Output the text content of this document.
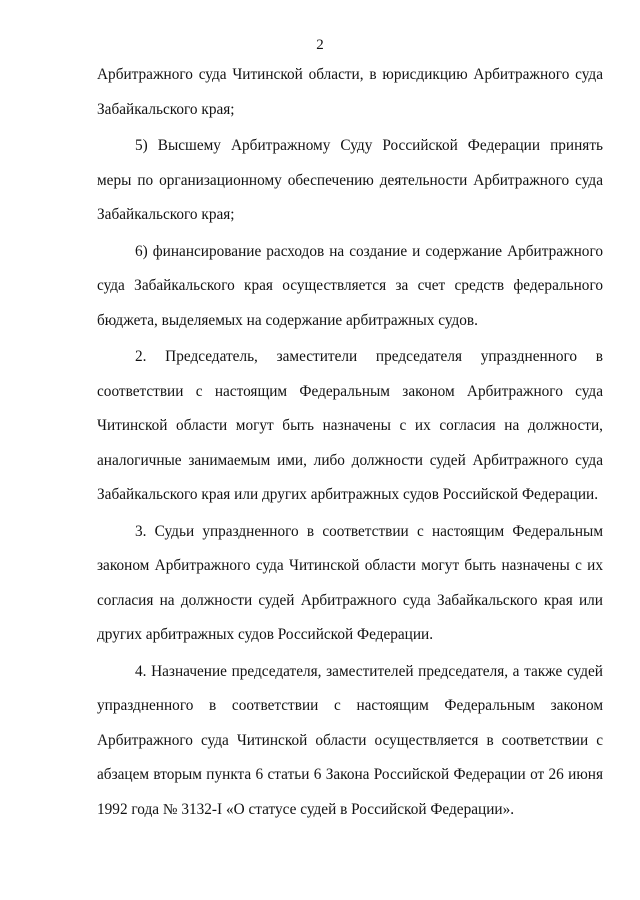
2

Арбитражного суда Читинской области, в юрисдикцию Арбитражного суда Забайкальского края;

5) Высшему Арбитражному Суду Российской Федерации принять меры по организационному обеспечению деятельности Арбитражного суда Забайкальского края;

6) финансирование расходов на создание и содержание Арбитражного суда Забайкальского края осуществляется за счет средств федерального бюджета, выделяемых на содержание арбитражных судов.

2. Председатель, заместители председателя упраздненного в соответствии с настоящим Федеральным законом Арбитражного суда Читинской области могут быть назначены с их согласия на должности, аналогичные занимаемым ими, либо должности судей Арбитражного суда Забайкальского края или других арбитражных судов Российской Федерации.

3. Судьи упраздненного в соответствии с настоящим Федеральным законом Арбитражного суда Читинской области могут быть назначены с их согласия на должности судей Арбитражного суда Забайкальского края или других арбитражных судов Российской Федерации.

4. Назначение председателя, заместителей председателя, а также судей упраздненного в соответствии с настоящим Федеральным законом Арбитражного суда Читинской области осуществляется в соответствии с абзацем вторым пункта 6 статьи 6 Закона Российской Федерации от 26 июня 1992 года № 3132-I «О статусе судей в Российской Федерации».
